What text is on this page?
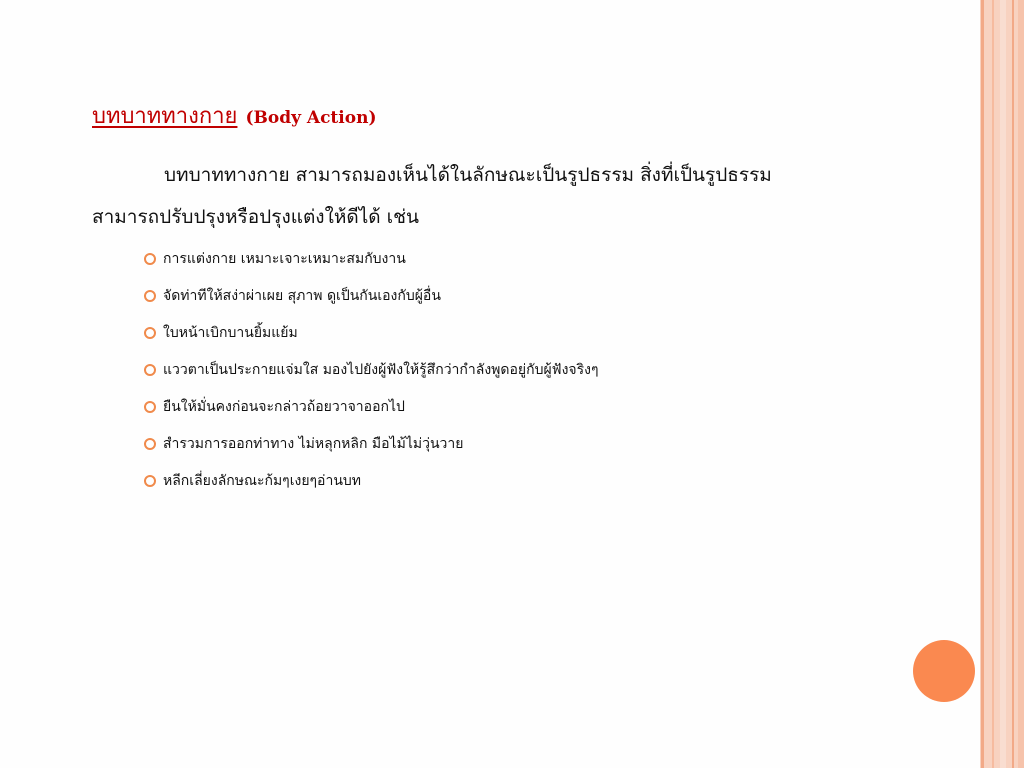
บทบาททางกาย (Body Action)
บทบาททางกาย สามารถมองเห็นได้ในลักษณะเป็นรูปธรรม สิ่งที่เป็นรูปธรรม
สามารถปรับปรุงหรือปรุงแต่งให้ดีได้ เช่น
การแต่งกาย เหมาะเจาะเหมาะสมกับงาน
จัดท่าทีให้สง่าผ่าเผย สุภาพ ดูเป็นกันเองกับผู้อื่น
ใบหน้าเบิกบานยิ้มแย้ม
แววตาเป็นประกายแจ่มใส มองไปยังผู้ฟังให้รู้สึกว่ากำลังพูดอยู่กับผู้ฟังจริงๆ
ยืนให้มั่นคงก่อนจะกล่าวถ้อยวาจาออกไป
สำรวมการออกท่าทาง ไม่หลุกหลิก มือไม้ไม่วุ่นวาย
หลีกเลี่ยงลักษณะก้มๆเงยๆอ่านบท
